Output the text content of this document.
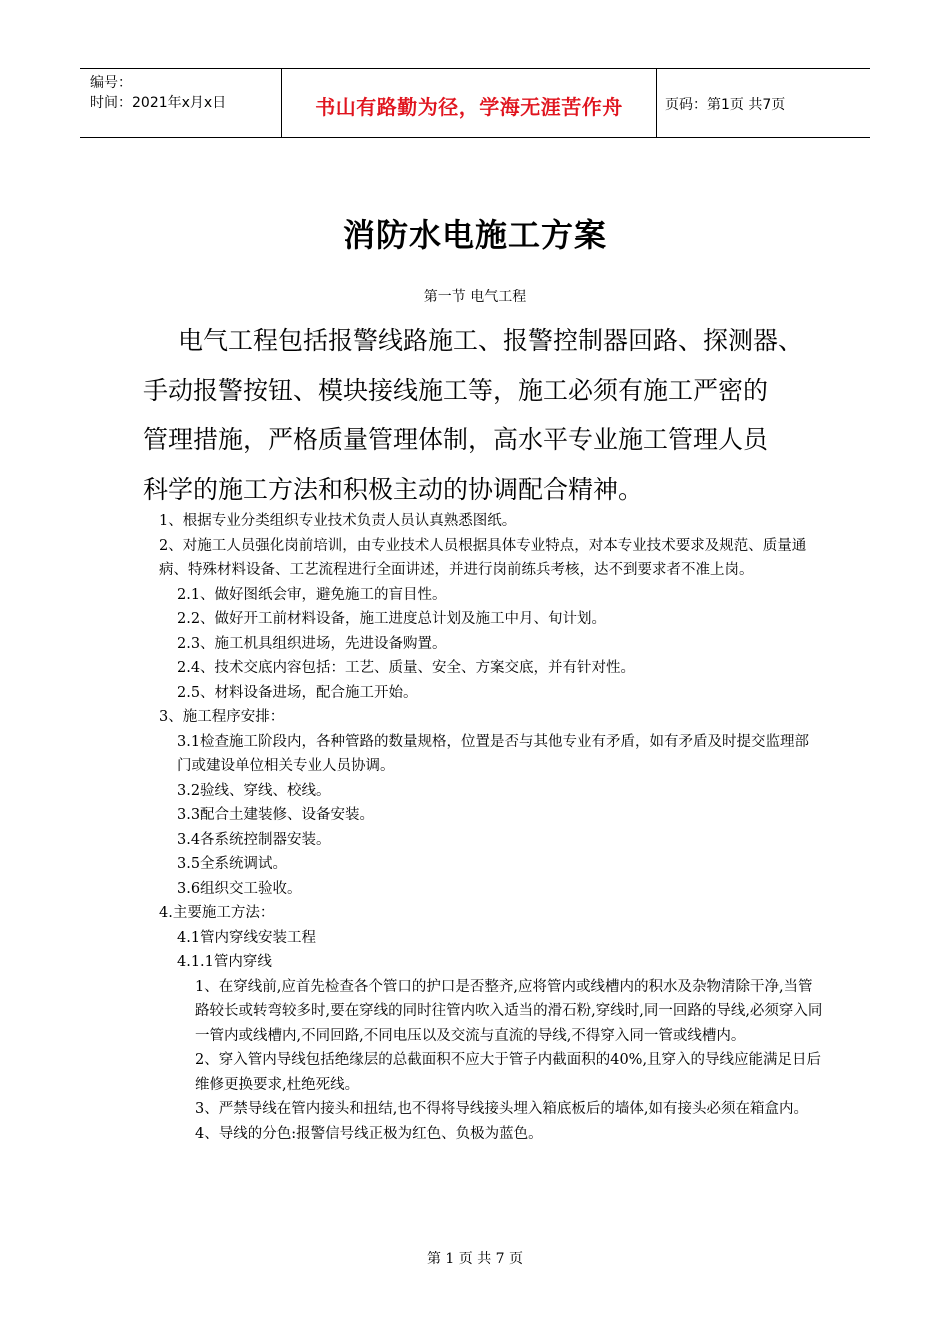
编号：
时间：2021年x月x日	书山有路勤为径，学海无涯苦作舟	页码：第1页 共7页
消防水电施工方案
第一节 电气工程

电气工程包括报警线路施工、报警控制器回路、探测器、

手动报警按钮、模块接线施工等，施工必须有施工严密的

管理措施，严格质量管理体制，高水平专业施工管理人员

科学的施工方法和积极主动的协调配合精神。

1、根据专业分类组织专业技术负责人员认真熟悉图纸。

2、对施工人员强化岗前培训，由专业技术人员根据具体专业特点，对本专业技术要求及规范、质量通病、特殊材料设备、工艺流程进行全面讲述，并进行岗前练兵考核，达不到要求者不准上岗。

2.1、做好图纸会审，避免施工的盲目性。

2.2、做好开工前材料设备，施工进度总计划及施工中月、旬计划。

2.3、施工机具组织进场，先进设备购置。

2.4、技术交底内容包括：工艺、质量、安全、方案交底，并有针对性。

2.5、材料设备进场，配合施工开始。

3、施工程序安排：

3.1检查施工阶段内，各种管路的数量规格，位置是否与其他专业有矛盾，如有矛盾及时提交监理部门或建设单位相关专业人员协调。

3.2验线、穿线、校线。

3.3配合土建装修、设备安装。

3.4各系统控制器安装。

3.5全系统调试。

3.6组织交工验收。

4.主要施工方法：

4.1管内穿线安装工程

4.1.1管内穿线

1、在穿线前,应首先检查各个管口的护口是否整齐,应将管内或线槽内的积水及杂物清除干净,当管路较长或转弯较多时,要在穿线的同时往管内吹入适当的滑石粉,穿线时,同一回路的导线,必须穿入同一管内或线槽内,不同回路,不同电压以及交流与直流的导线,不得穿入同一管或线槽内。

2、穿入管内导线包括绝缘层的总截面积不应大于管子内截面积的40%,且穿入的导线应能满足日后维修更换要求,杜绝死线。

3、严禁导线在管内接头和扭结,也不得将导线接头埋入箱底板后的墙体,如有接头必须在箱盒内。

4、导线的分色:报警信号线正极为红色、负极为蓝色。

第 1 页 共 7 页
